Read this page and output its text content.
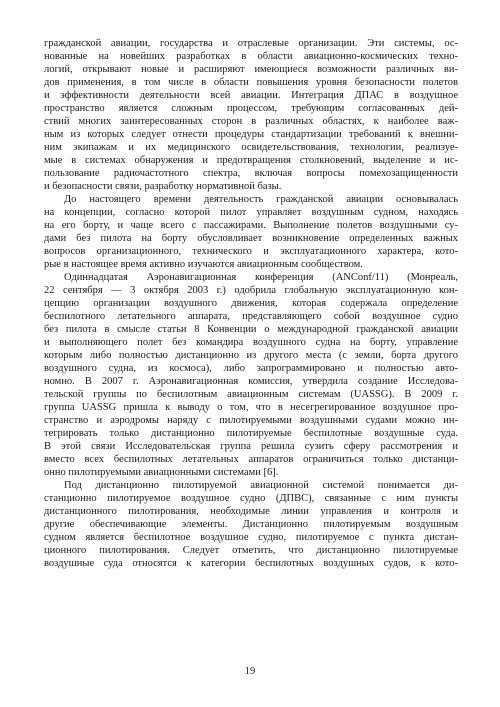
гражданской авиации, государства и отраслевые организации. Эти системы, ос-
нованные на новейших разработках в области авиационно-космических техно-
логий, открывают новые и расширяют имеющиеся возможности различных ви-
дов применения, в том числе в области повышения уровня безопасности полетов
и эффективности деятельности всей авиации. Интеграция ДПАС в воздушное
пространство является сложным процессом, требующим согласованных дей-
ствий многих заинтересованных сторон в различных областях, к наиболее важ-
ным из которых следует отнести процедуры стандартизации требований к внешни-
ним экипажам и их медицинского освидетельствования, технологии, реализуе-
мые в системах обнаружения и предотвращения столкновений, выделение и ис-
пользование радиочастотного спектра, включая вопросы помехозащищенности
и безопасности связи, разработку нормативной базы.
До настоящего времени деятельность гражданской авиации основывалась
на концепции, согласно которой пилот управляет воздушным судном, находясь
на его борту, и чаще всего с пассажирами. Выполнение полетов воздушными су-
дами без пилота на борту обусловливает возникновение определенных важных
вопросов организационного, технического и эксплуатационного характера, кото-
рые в настоящее время активно изучаются авиационным сообществом.
Одиннадцатая Аэронавигационная конференция (ANConf/11) (Монреаль,
22 сентября — 3 октября 2003 г.) одобрила глобальную эксплуатационную кон-
цепцию организации воздушного движения, которая содержала определение
беспилотного летательного аппарата, представляющего собой воздушное судно
без пилота в смысле статьи 8 Конвенции о международной гражданской авиации
и выполняющего полет без командира воздушного судна на борту, управление
которым либо полностью дистанционно из другого места (с земли, борта другого
воздушного судна, из космоса), либо запрограммировано и полностью авто-
номно. В 2007 г. Аэронавигационная комиссия, утвердила создание Исследова-
тельской группы по беспилотным авиационным системам (UASSG). В 2009 г.
группа UASSG пришла к выводу о том, что в несегрегированное воздушное про-
странство и аэродромы наряду с пилотируемыми воздушными судами можно ин-
тегрировать только дистанционно пилотируемые беспилотные воздушные суда.
В этой связи Исследовательская группа решила сузить сферу рассмотрения и
вместо всех беспилотных летательных аппаратов ограничиться только дистанци-
онно пилотируемыми авиационными системами [6].
Под дистанционно пилотируемой авиационной системой понимается ди-
станционно пилотируемое воздушное судно (ДПВС), связанные с ним пункты
дистанционного пилотирования, необходимые линии управления и контроля и
другие обеспечивающие элементы. Дистанционно пилотируемым воздушным
судном является беспилотное воздушное судно, пилотируемое с пункта дистан-
ционного пилотирования. Следует отметить, что дистанционно пилотируемые
воздушные суда относятся к категории беспилотных воздушных судов, к кото-
19
